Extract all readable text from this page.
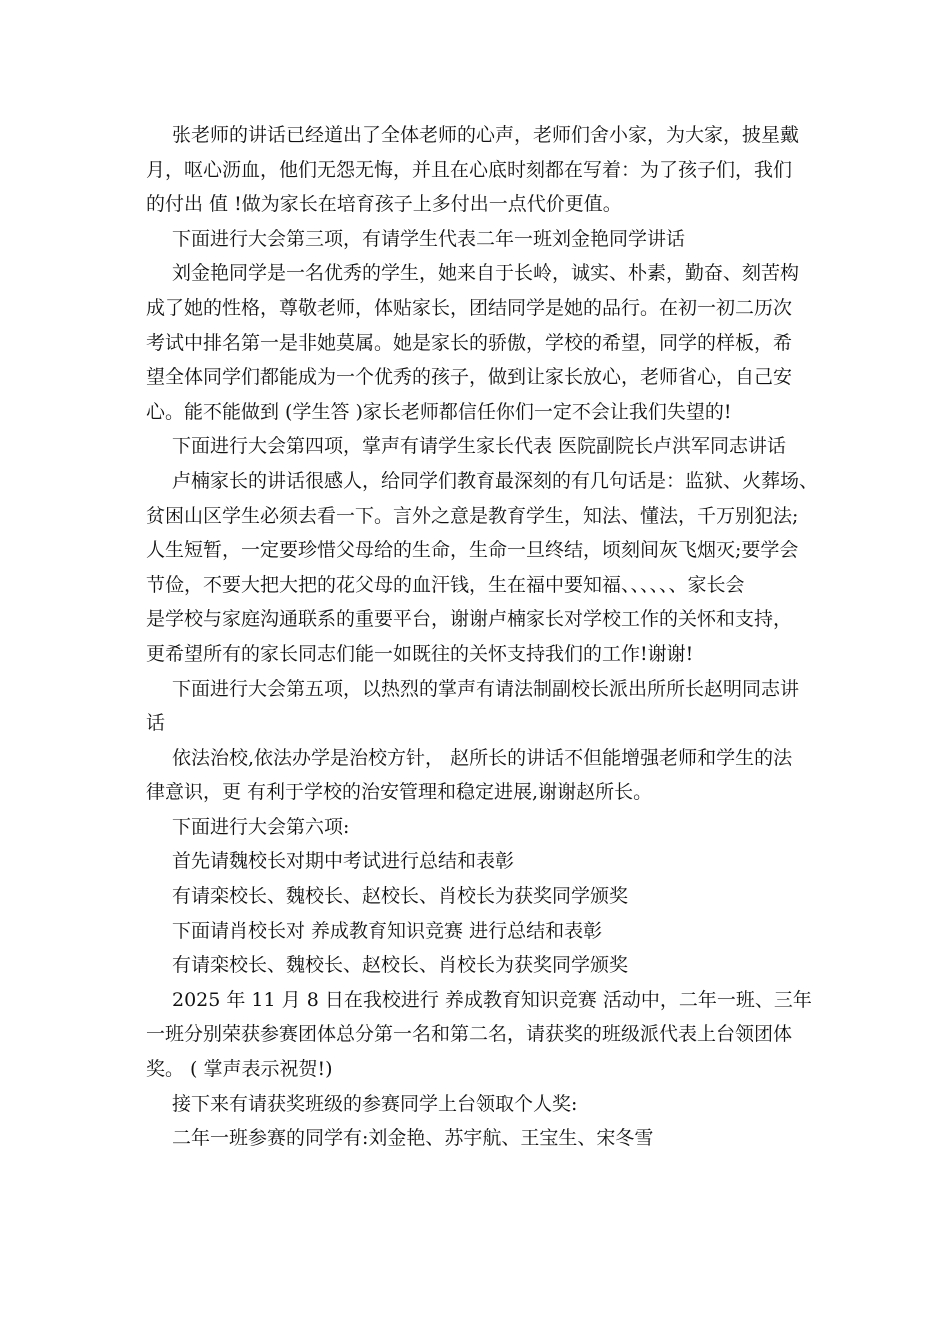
张老师的讲话已经道出了全体老师的心声，老师们舍小家，为大家，披星戴
月，呕心沥血，他们无怨无悔，并且在心底时刻都在写着：为了孩子们，我们
的付出 值 !做为家长在培育孩子上多付出一点代价更值。
下面进行大会第三项，有请学生代表二年一班刘金艳同学讲话
刘金艳同学是一名优秀的学生，她来自于长岭，诚实、朴素，勤奋、刻苦构
成了她的性格，尊敬老师，体贴家长，团结同学是她的品行。在初一初二历次
考试中排名第一是非她莫属。她是家长的骄傲，学校的希望，同学的样板，希
望全体同学们都能成为一个优秀的孩子，做到让家长放心，老师省心，自己安
心。能不能做到 (学生答 )家长老师都信任你们一定不会让我们失望的!
下面进行大会第四项，掌声有请学生家长代表 医院副院长卢洪军同志讲话
卢楠家长的讲话很感人，给同学们教育最深刻的有几句话是：监狱、火葬场、
贫困山区学生必须去看一下。言外之意是教育学生，知法、懂法，千万别犯法;
人生短暂，一定要珍惜父母给的生命，生命一旦终结，顷刻间灰飞烟灭;要学会
节俭，不要大把大把的花父母的血汗钱，生在福中要知福、、、、、、家长会
是学校与家庭沟通联系的重要平台，谢谢卢楠家长对学校工作的关怀和支持，
更希望所有的家长同志们能一如既往的关怀支持我们的工作!谢谢!
下面进行大会第五项，以热烈的掌声有请法制副校长派出所所长赵明同志讲
话
依法治校,依法办学是治校方针， 赵所长的讲话不但能增强老师和学生的法
律意识，更 有利于学校的治安管理和稳定进展,谢谢赵所长。
下面进行大会第六项:
首先请魏校长对期中考试进行总结和表彰
有请栾校长、魏校长、赵校长、肖校长为获奖同学颁奖
下面请肖校长对 养成教育知识竞赛 进行总结和表彰
有请栾校长、魏校长、赵校长、肖校长为获奖同学颁奖
2025 年 11 月 8 日在我校进行 养成教育知识竞赛 活动中，二年一班、三年
一班分别荣获参赛团体总分第一名和第二名，请获奖的班级派代表上台领团体
奖。 ( 掌声表示祝贺!)
接下来有请获奖班级的参赛同学上台领取个人奖:
二年一班参赛的同学有:刘金艳、苏宇航、王宝生、宋冬雪
